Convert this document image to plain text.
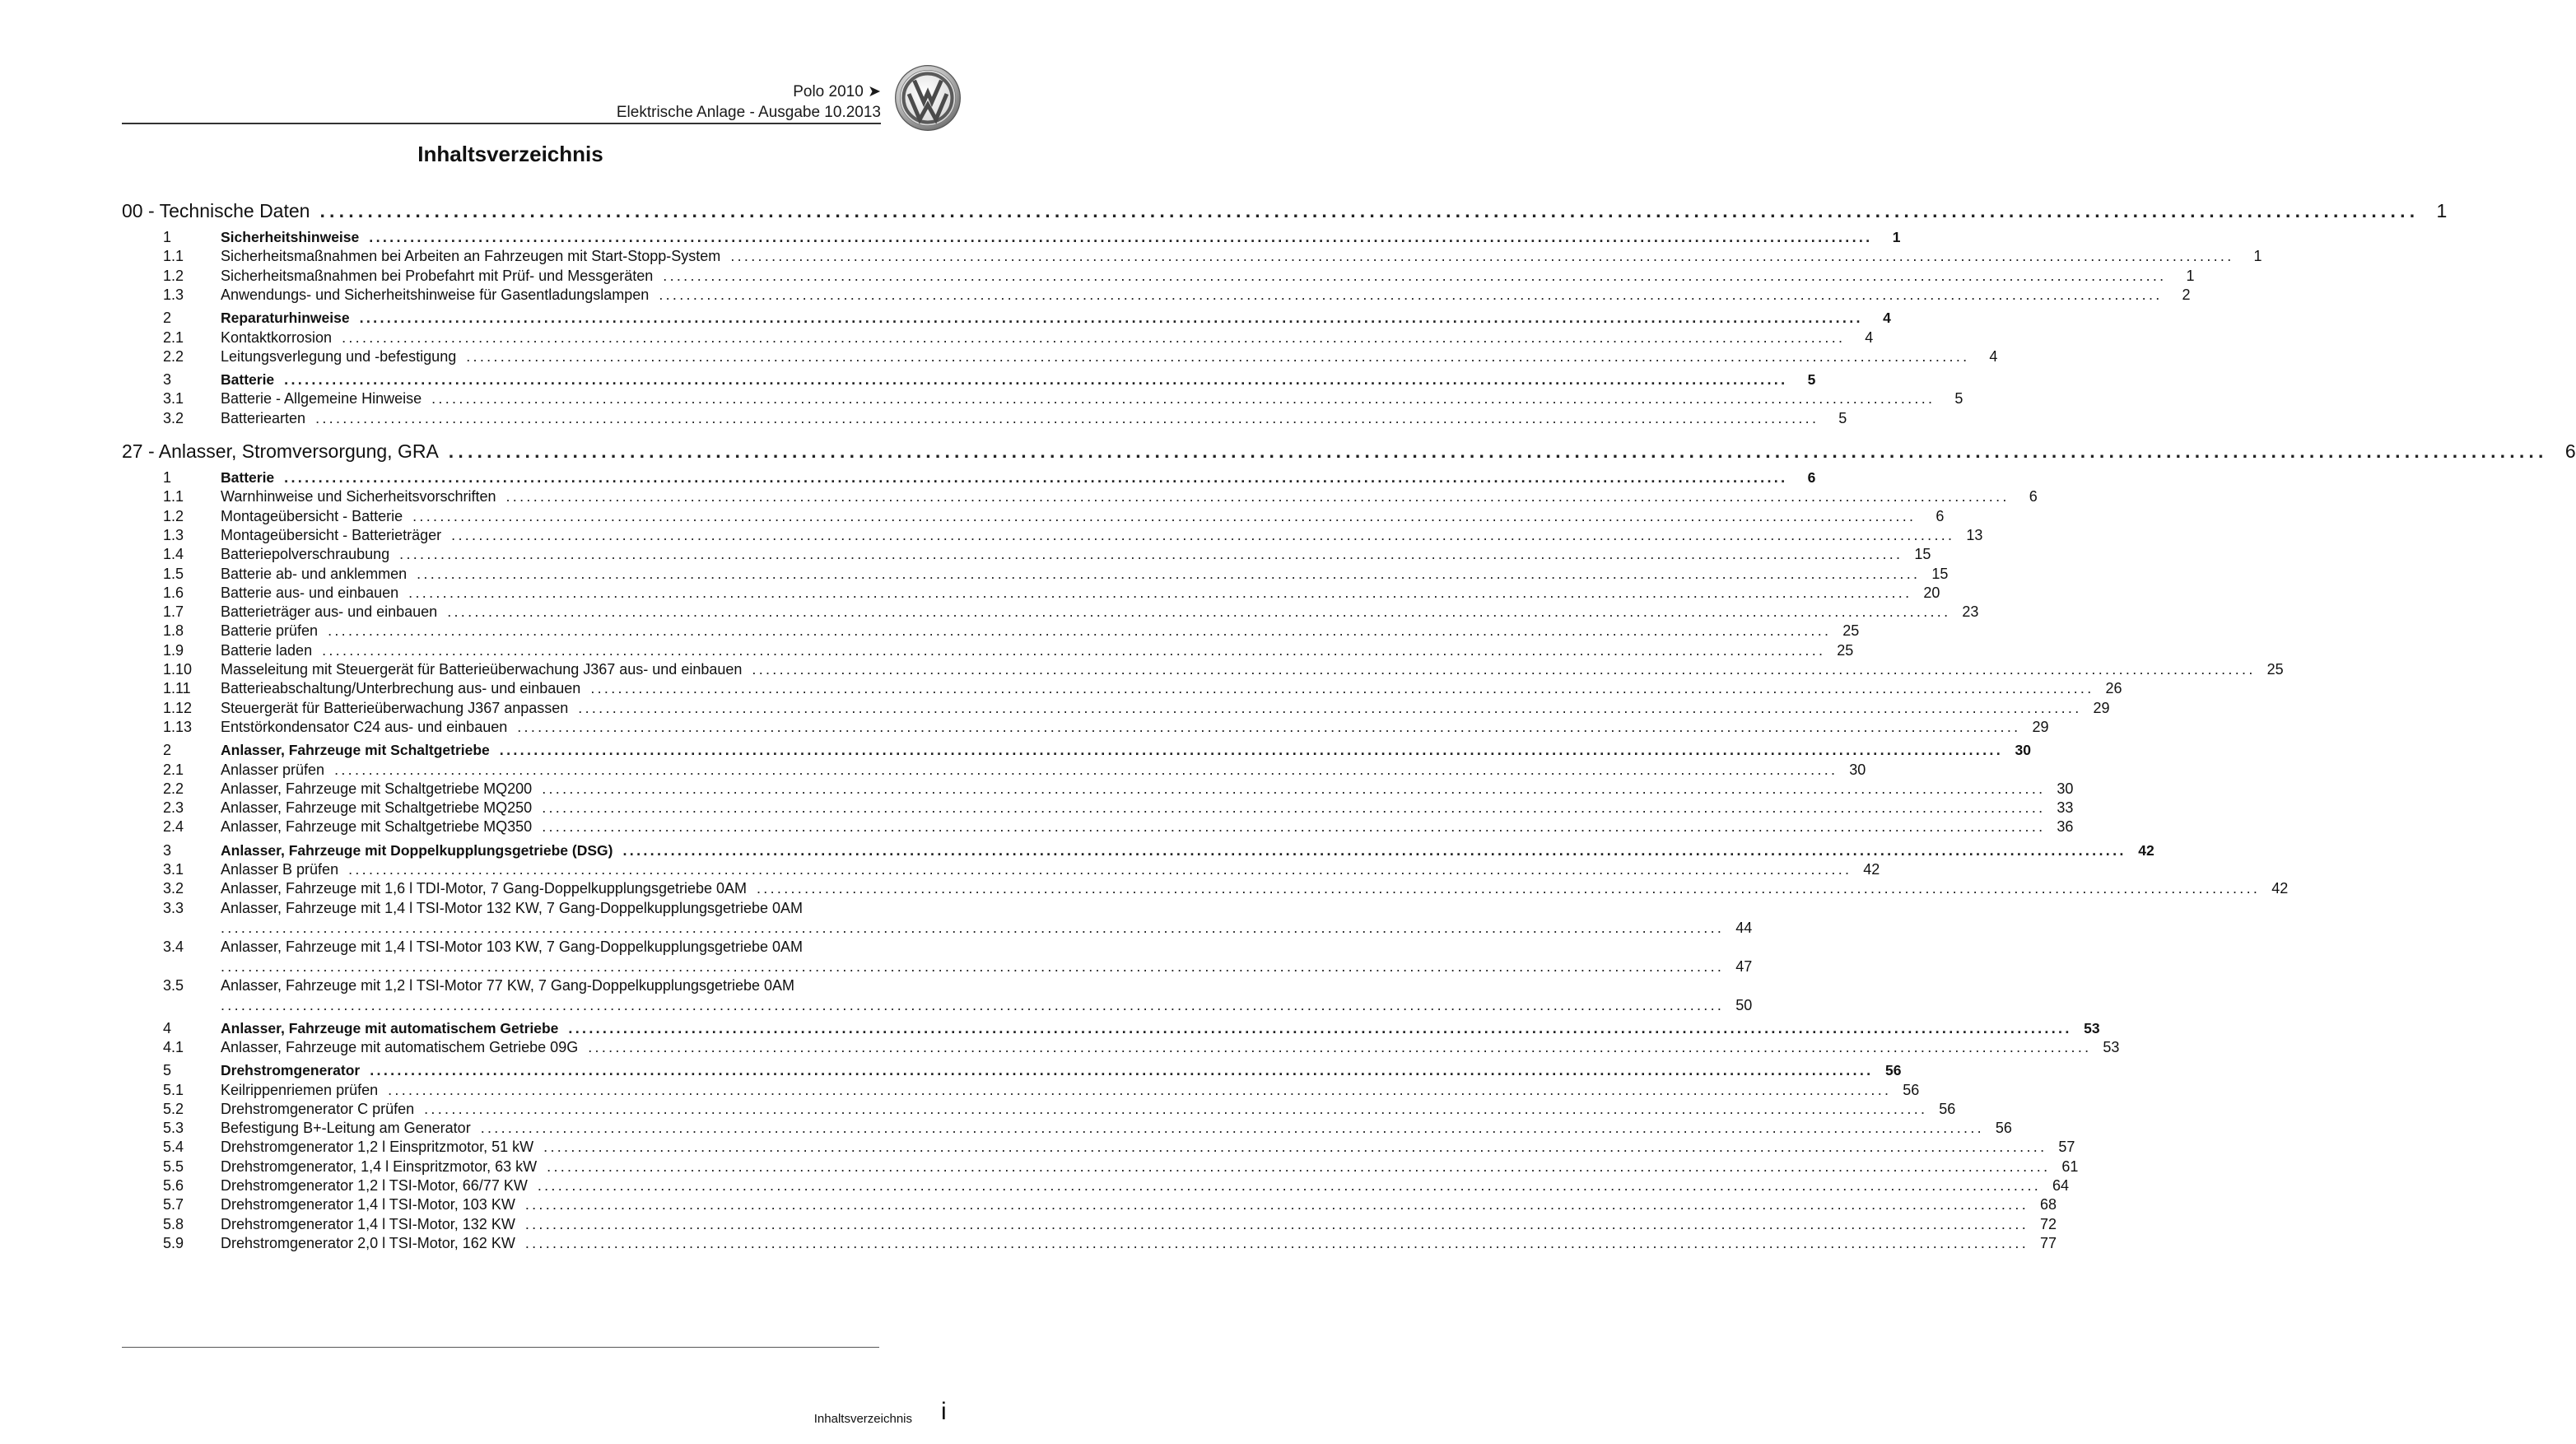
Polo 2010 ➤
Elektrische Anlage - Ausgabe 10.2013
Inhaltsverzeichnis
00 - Technische Daten ............................................................................................................................................................................................................................ 1
1	Sicherheitshinweise ............................................................................................................................................................................................................................	1
1.1	Sicherheitsmaßnahmen bei Arbeiten an Fahrzeugen mit Start-Stopp-System ............................................................................................................................................................................................................................	1
1.2	Sicherheitsmaßnahmen bei Probefahrt mit Prüf- und Messgeräten ............................................................................................................................................................................................................................	1
1.3	Anwendungs- und Sicherheitshinweise für Gasentladungslampen ............................................................................................................................................................................................................................	2
2	Reparaturhinweise ............................................................................................................................................................................................................................	4
2.1	Kontaktkorrosion ............................................................................................................................................................................................................................	4
2.2	Leitungsverlegung und -befestigung ............................................................................................................................................................................................................................	4
3	Batterie ............................................................................................................................................................................................................................	5
3.1	Batterie - Allgemeine Hinweise ............................................................................................................................................................................................................................	5
3.2	Batteriearten ............................................................................................................................................................................................................................	5
27 - Anlasser, Stromversorgung, GRA ............................................................................................................................................................................................................................ 6
1	Batterie ............................................................................................................................................................................................................................	6
1.1	Warnhinweise und Sicherheitsvorschriften ............................................................................................................................................................................................................................	6
1.2	Montageübersicht - Batterie ............................................................................................................................................................................................................................	6
1.3	Montageübersicht - Batterieträger ............................................................................................................................................................................................................................ 13
1.4	Batteriepolverschraubung ............................................................................................................................................................................................................................ 15
1.5	Batterie ab- und anklemmen ............................................................................................................................................................................................................................ 15
1.6	Batterie aus- und einbauen ............................................................................................................................................................................................................................ 20
1.7	Batterieträger aus- und einbauen ............................................................................................................................................................................................................................ 23
1.8	Batterie prüfen ............................................................................................................................................................................................................................ 25
1.9	Batterie laden ............................................................................................................................................................................................................................ 25
1.10	Masseleitung mit Steuergerät für Batterieüberwachung J367 aus- und einbauen ............................................................................................................................................................................................................................ 25
1.11	Batterieabschaltung/Unterbrechung aus- und einbauen ............................................................................................................................................................................................................................ 26
1.12	Steuergerät für Batterieüberwachung J367 anpassen ............................................................................................................................................................................................................................ 29
1.13	Entstörkondensator C24 aus- und einbauen ............................................................................................................................................................................................................................ 29
2	Anlasser, Fahrzeuge mit Schaltgetriebe ............................................................................................................................................................................................................................ 30
2.1	Anlasser prüfen ............................................................................................................................................................................................................................ 30
2.2	Anlasser, Fahrzeuge mit Schaltgetriebe MQ200 ............................................................................................................................................................................................................................ 30
2.3	Anlasser, Fahrzeuge mit Schaltgetriebe MQ250 ............................................................................................................................................................................................................................ 33
2.4	Anlasser, Fahrzeuge mit Schaltgetriebe MQ350 ............................................................................................................................................................................................................................ 36
3	Anlasser, Fahrzeuge mit Doppelkupplungsgetriebe (DSG) ............................................................................................................................................................................................................................ 42
3.1	Anlasser B prüfen ............................................................................................................................................................................................................................ 42
3.2	Anlasser, Fahrzeuge mit 1,6 l TDI-Motor, 7 Gang-Doppelkupplungsgetriebe 0AM ............................................................................................................................................................................................................................ 42
3.3	Anlasser, Fahrzeuge mit 1,4 l TSI-Motor 132 KW, 7 Gang-Doppelkupplungsgetriebe 0AM
............................................................................................................................................................................................................................ 44
3.4	Anlasser, Fahrzeuge mit 1,4 l TSI-Motor 103 KW, 7 Gang-Doppelkupplungsgetriebe 0AM
............................................................................................................................................................................................................................ 47
3.5	Anlasser, Fahrzeuge mit 1,2 l TSI-Motor 77 KW, 7 Gang-Doppelkupplungsgetriebe 0AM
............................................................................................................................................................................................................................ 50
4	Anlasser, Fahrzeuge mit automatischem Getriebe ............................................................................................................................................................................................................................ 53
4.1	Anlasser, Fahrzeuge mit automatischem Getriebe 09G ............................................................................................................................................................................................................................ 53
5	Drehstromgenerator ............................................................................................................................................................................................................................ 56
5.1	Keilrippenriemen prüfen ............................................................................................................................................................................................................................ 56
5.2	Drehstromgenerator C prüfen ............................................................................................................................................................................................................................ 56
5.3	Befestigung B+-Leitung am Generator ............................................................................................................................................................................................................................ 56
5.4	Drehstromgenerator 1,2 l Einspritzmotor, 51 kW ............................................................................................................................................................................................................................ 57
5.5	Drehstromgenerator, 1,4 l Einspritzmotor, 63 kW ............................................................................................................................................................................................................................ 61
5.6	Drehstromgenerator 1,2 l TSI-Motor, 66/77 KW ............................................................................................................................................................................................................................ 64
5.7	Drehstromgenerator 1,4 l TSI-Motor, 103 KW ............................................................................................................................................................................................................................ 68
5.8	Drehstromgenerator 1,4 l TSI-Motor, 132 KW ............................................................................................................................................................................................................................ 72
5.9	Drehstromgenerator 2,0 l TSI-Motor, 162 KW ............................................................................................................................................................................................................................ 77
Inhaltsverzeichnis i
